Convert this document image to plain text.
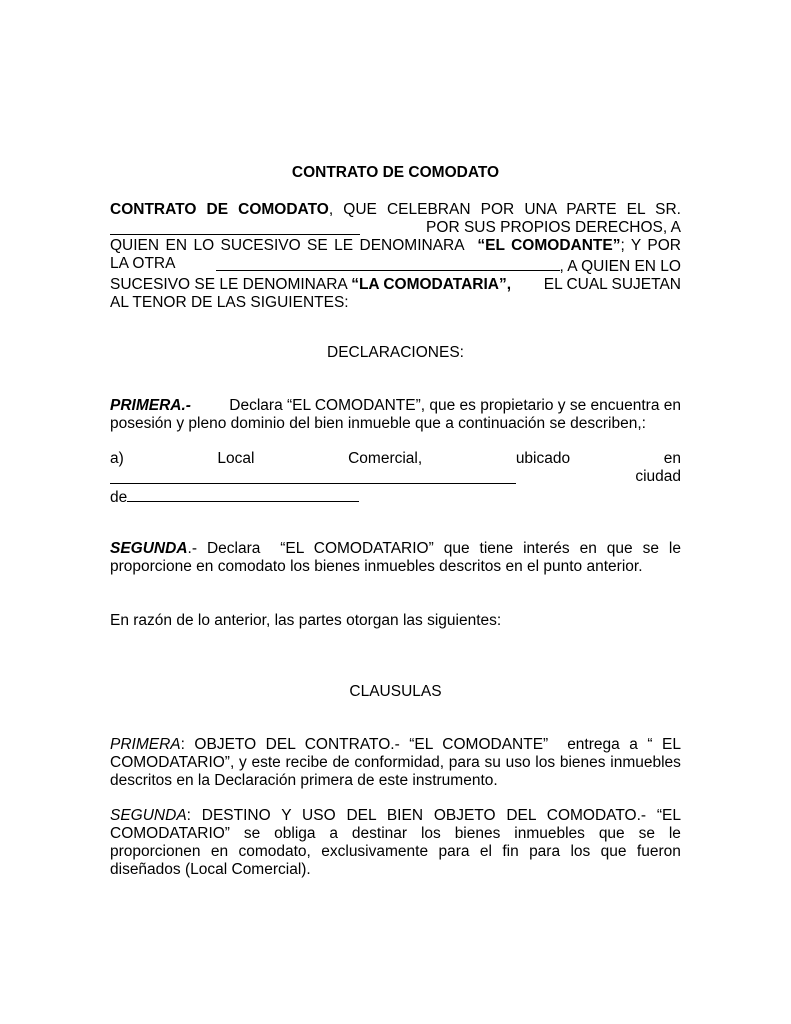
CONTRATO DE COMODATO
CONTRATO DE COMODATO, QUE CELEBRAN POR UNA PARTE EL SR.
POR SUS PROPIOS DERECHOS, A
QUIEN EN LO SUCESIVO SE LE DENOMINARA “EL COMODANTE”; Y POR
LA OTRA	, A QUIEN EN LO
SUCESIVO SE LE DENOMINARA “LA COMODATARIA”, EL CUAL SUJETAN
AL TENOR DE LAS SIGUIENTES:
DECLARACIONES:
PRIMERA.- Declara “EL COMODANTE”, que es propietario y se encuentra en
posesión y pleno dominio del bien inmueble que a continuación se describen,:
a)	Local	Comercial,	ubicado	en
ciudad
de
SEGUNDA.- Declara  “EL COMODATARIO” que tiene interés en que se le
proporcione en comodato los bienes inmuebles descritos en el punto anterior.
En razón de lo anterior, las partes otorgan las siguientes:
CLAUSULAS
PRIMERA: OBJETO DEL CONTRATO.- “EL COMODANTE”  entrega a “ EL
COMODATARIO”, y este recibe de conformidad, para su uso los bienes inmuebles
descritos en la Declaración primera de este instrumento.
SEGUNDA: DESTINO Y USO DEL BIEN OBJETO DEL COMODATO.- “EL
COMODATARIO” se obliga a destinar los bienes inmuebles que se le
proporcionen en comodato, exclusivamente para el fin para los que fueron
diseñados (Local Comercial).
